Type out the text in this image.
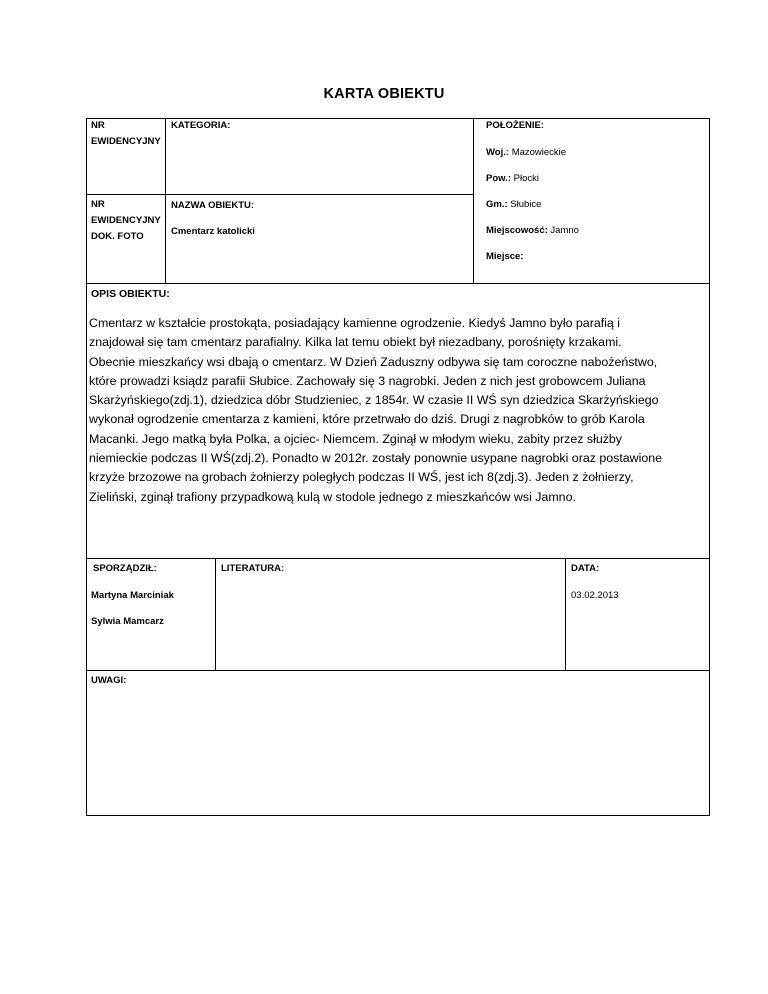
KARTA OBIEKTU
NR
EWIDENCYJNY
KATEGORIA:	POŁOŻENIE:
Woj.: Mazowieckie
Pow.: Płocki
NR
EWIDENCYJNY
DOK. FOTO
NAZWA OBIEKTU:
Cmentarz katolicki
Gm.: Słubice
Miejscowość: Jamno
Miejsce:
OPIS OBIEKTU:
Cmentarz w kształcie prostokąta, posiadający kamienne ogrodzenie. Kiedyś Jamno było parafią i
znajdował się tam cmentarz parafialny. Kilka lat temu obiekt był niezadbany, porośnięty krzakami.
Obecnie mieszkańcy wsi dbają o cmentarz. W Dzień Zaduszny odbywa się tam coroczne nabożeństwo,
które prowadzi ksiądz parafii Słubice. Zachowały się 3 nagrobki. Jeden z nich jest grobowcem Juliana
Skarżyńskiego(zdj.1), dziedzica dóbr Studzieniec, z 1854r. W czasie II WŚ syn dziedzica Skarżyńskiego
wykonał ogrodzenie cmentarza z kamieni, które przetrwało do dziś. Drugi z nagrobków to grób Karola
Macanki. Jego matką była Polka, a ojciec- Niemcem. Zginął w młodym wieku, zabity przez służby
niemieckie podczas II WŚ(zdj.2). Ponadto w 2012r. zostały ponownie usypane nagrobki oraz postawione
krzyże brzozowe na grobach żołnierzy poległych podczas II WŚ, jest ich 8(zdj.3). Jeden z żołnierzy,
Zieliński, zginął trafiony przypadkową kulą w stodole jednego z mieszkańców wsi Jamno.
SPORZĄDZIŁ:
Martyna Marciniak
Sylwia Mamcarz
LITERATURA:	DATA:
03.02.2013
UWAGI:
